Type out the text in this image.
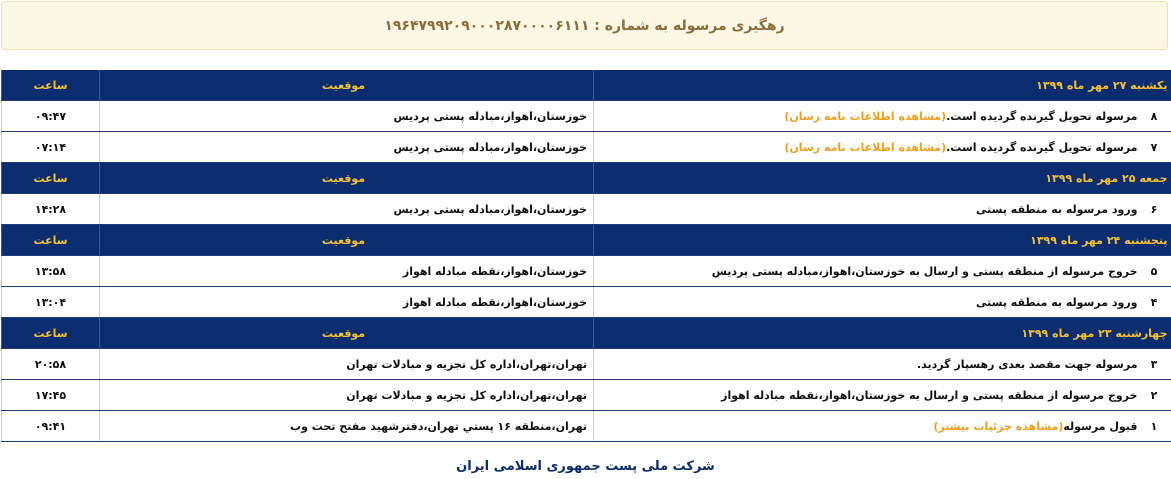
رهگیری مرسوله به شماره : ۱۹۶۴۷۹۹۲۰۹۰۰۰۲۸۷۰۰۰۰۶۱۱۱
یکشنبه ۲۷ مهر ماه ۱۳۹۹		موقعیت	ساعت
۸	مرسوله تحویل گیرنده گردیده است.(مشاهده اطلاعات نامه رسان)	خوزستان،اهواز،مبادله پستی پردیس	۰۹:۴۷
۷	مرسوله تحویل گیرنده گردیده است.(مشاهده اطلاعات نامه رسان)	خوزستان،اهواز،مبادله پستی پردیس	۰۷:۱۴
جمعه ۲۵ مهر ماه ۱۳۹۹		موقعیت	ساعت
۶	ورود مرسوله به منطقه پستی	خوزستان،اهواز،مبادله پستی پردیس	۱۴:۲۸
پنجشنبه ۲۴ مهر ماه ۱۳۹۹		موقعیت	ساعت
۵	خروج مرسوله از منطقه پستی و ارسال به خوزستان،اهواز،مبادله پستی پردیس	خوزستان،اهواز،نقطه مبادله اهواز	۱۳:۵۸
۴	ورود مرسوله به منطقه پستی	خوزستان،اهواز،نقطه مبادله اهواز	۱۳:۰۴
چهارشنبه ۲۳ مهر ماه ۱۳۹۹		موقعیت	ساعت
۳	مرسوله جهت مقصد بعدی رهسپار گردید.	تهران،تهران،اداره کل تجزیه و مبادلات تهران	۲۰:۵۸
۲	خروج مرسوله از منطقه پستی و ارسال به خوزستان،اهواز،نقطه مبادله اهواز	تهران،تهران،اداره کل تجزیه و مبادلات تهران	۱۷:۴۵
۱	قبول مرسوله(مشاهده جزئیات بیشتر)	تهران،منطقه ۱۶ پستي تهران،دفترشهید مفتح تحت وب	۰۹:۴۱
شرکت ملی پست جمهوری اسلامی ایران
